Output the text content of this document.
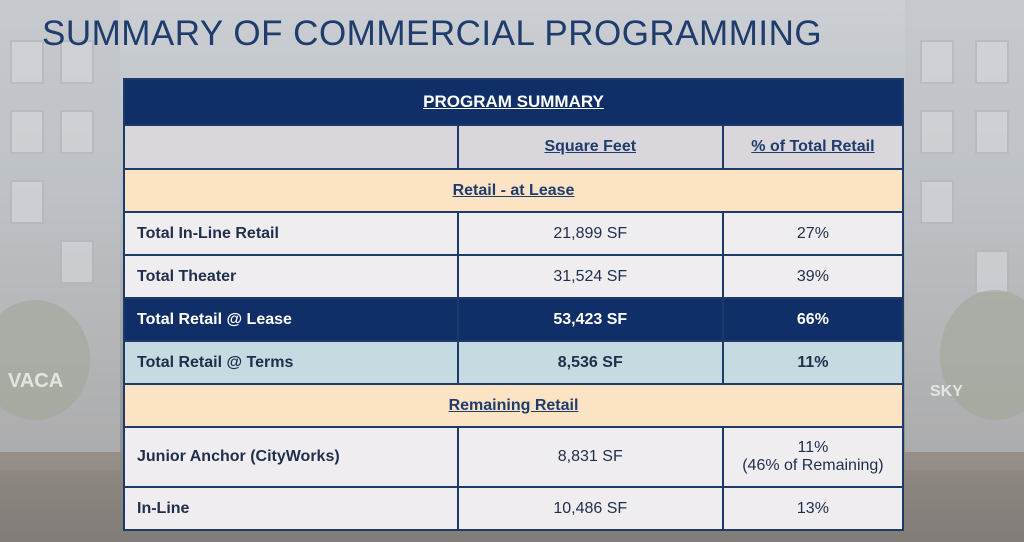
VACA	SKY
SUMMARY OF COMMERCIAL PROGRAMMING
PROGRAM SUMMARY		
	Square Feet	% of Total Retail
Retail - at Lease		
Total In-Line Retail	21,899 SF	27%
Total Theater	31,524 SF	39%
Total Retail @ Lease	53,423 SF	66%
Total Retail @ Terms	8,536 SF	11%
Remaining Retail		
Junior Anchor (CityWorks)	8,831 SF	11%
(46% of Remaining)

In-Line	10,486 SF	13%
